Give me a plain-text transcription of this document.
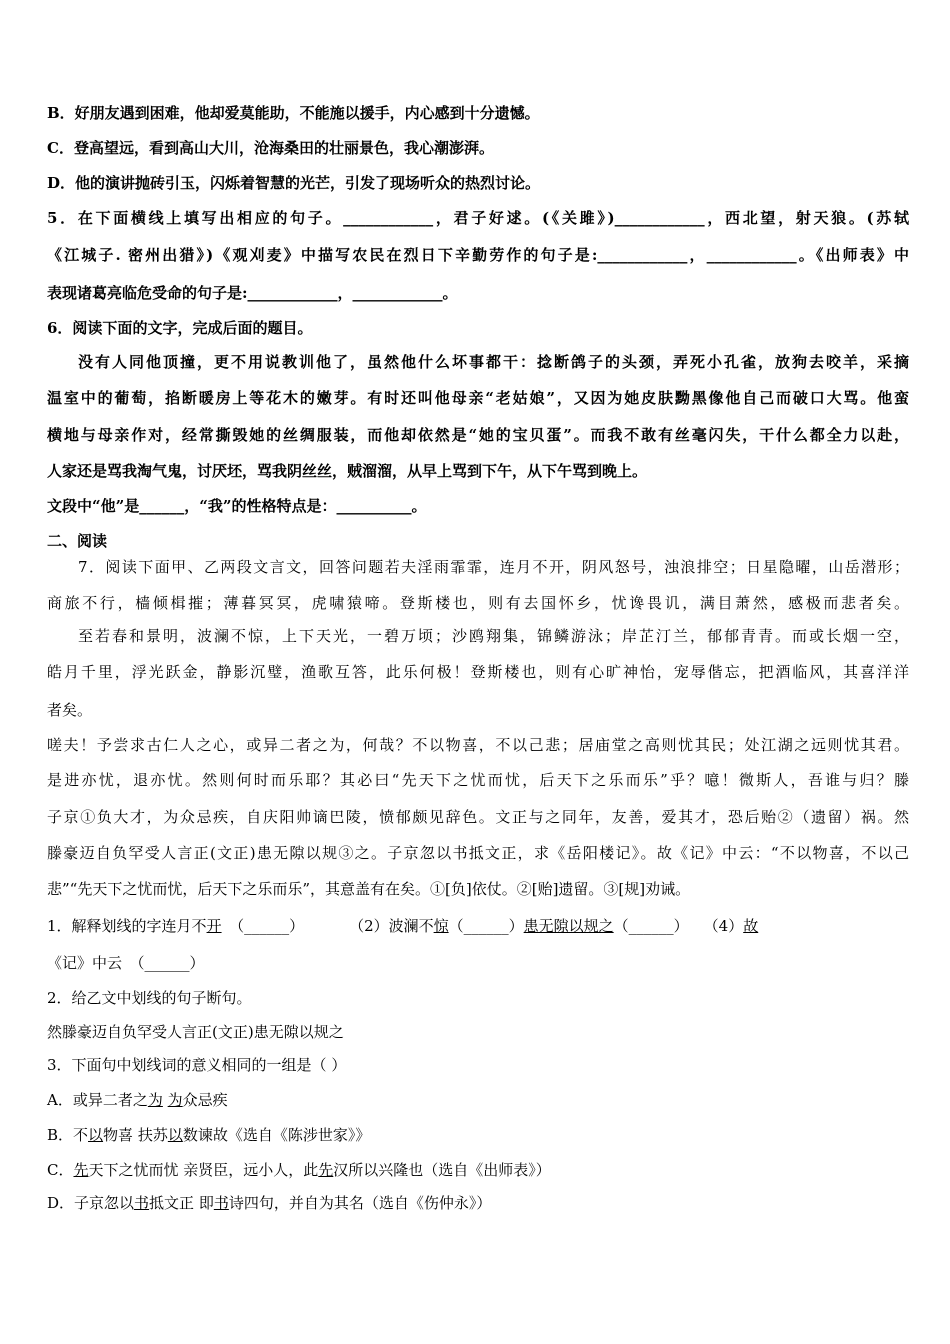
B．好朋友遇到困难，他却爱莫能助，不能施以援手，内心感到十分遗憾。
C．登高望远，看到高山大川，沧海桑田的壮丽景色，我心潮澎湃。
D．他的演讲抛砖引玉，闪烁着智慧的光芒，引发了现场听众的热烈讨论。
5．在下面横线上填写出相应的句子。____________，君子好逑。(《关雎》)____________，西北望，射天狼。(苏轼
《江城子. 密州出猎》)《观刈麦》中描写农民在烈日下辛勤劳作的句子是:____________，____________。《出师表》中
表现诸葛亮临危受命的句子是:____________，____________。
6．阅读下面的文字，完成后面的题目。
没有人同他顶撞，更不用说教训他了，虽然他什么坏事都干：捻断鸽子的头颈，弄死小孔雀，放狗去咬羊，采摘
温室中的葡萄，掐断暖房上等花木的嫩芽。有时还叫他母亲“老姑娘”，又因为她皮肤黝黑像他自己而破口大骂。他蛮
横地与母亲作对，经常撕毁她的丝绸服装，而他却依然是“她的宝贝蛋”。而我不敢有丝毫闪失，干什么都全力以赴，
人家还是骂我淘气鬼，讨厌坯，骂我阴丝丝，贼溜溜，从早上骂到下午，从下午骂到晚上。
文段中“他”是______，“我”的性格特点是：__________。
二、阅读
7．阅读下面甲、乙两段文言文，回答问题若夫淫雨霏霏，连月不开，阴风怒号，浊浪排空；日星隐曜，山岳潜形；
商旅不行，樯倾楫摧；薄暮冥冥，虎啸猿啼。登斯楼也，则有去国怀乡，忧谗畏讥，满目萧然，感极而悲者矣。
至若春和景明，波澜不惊，上下天光，一碧万顷；沙鸥翔集，锦鳞游泳；岸芷汀兰，郁郁青青。而或长烟一空，
皓月千里，浮光跃金，静影沉璧，渔歌互答，此乐何极！登斯楼也，则有心旷神怡，宠辱偕忘，把酒临风，其喜洋洋
者矣。
嗟夫！予尝求古仁人之心，或异二者之为，何哉？不以物喜，不以己悲；居庙堂之高则忧其民；处江湖之远则忧其君。
是进亦忧，退亦忧。然则何时而乐耶？其必曰“先天下之忧而忧，后天下之乐而乐”乎？噫！微斯人，吾谁与归？滕
子京①负大才，为众忌疾，自庆阳帅谪巴陵，愤郁颇见辞色。文正与之同年，友善，爱其才，恐后贻②（遗留）祸。然
滕豪迈自负罕受人言正(文正)患无隙以规③之。子京忽以书抵文正，求《岳阳楼记》。故《记》中云：“不以物喜，不以己
悲”“先天下之忧而忧，后天下之乐而乐”，其意盖有在矣。①[负]依仗。②[贻]遗留。③[规]劝诫。
1．解释划线的字连月不开　（______）　　　　（2）波澜不惊（______）患无隙以规之（______）　　（4）故
《记》中云　（______）
2．给乙文中划线的句子断句。
然滕豪迈自负罕受人言正(文正)患无隙以规之
3．下面句中划线词的意义相同的一组是（ ）
A．或异二者之为 为众忌疾
B．不以物喜 扶苏以数谏故《选自《陈涉世家》》
C．先天下之忧而忧 亲贤臣，远小人，此先汉所以兴隆也（选自《出师表》）
D．子京忽以书抵文正 即书诗四句，并自为其名（选自《伤仲永》）
